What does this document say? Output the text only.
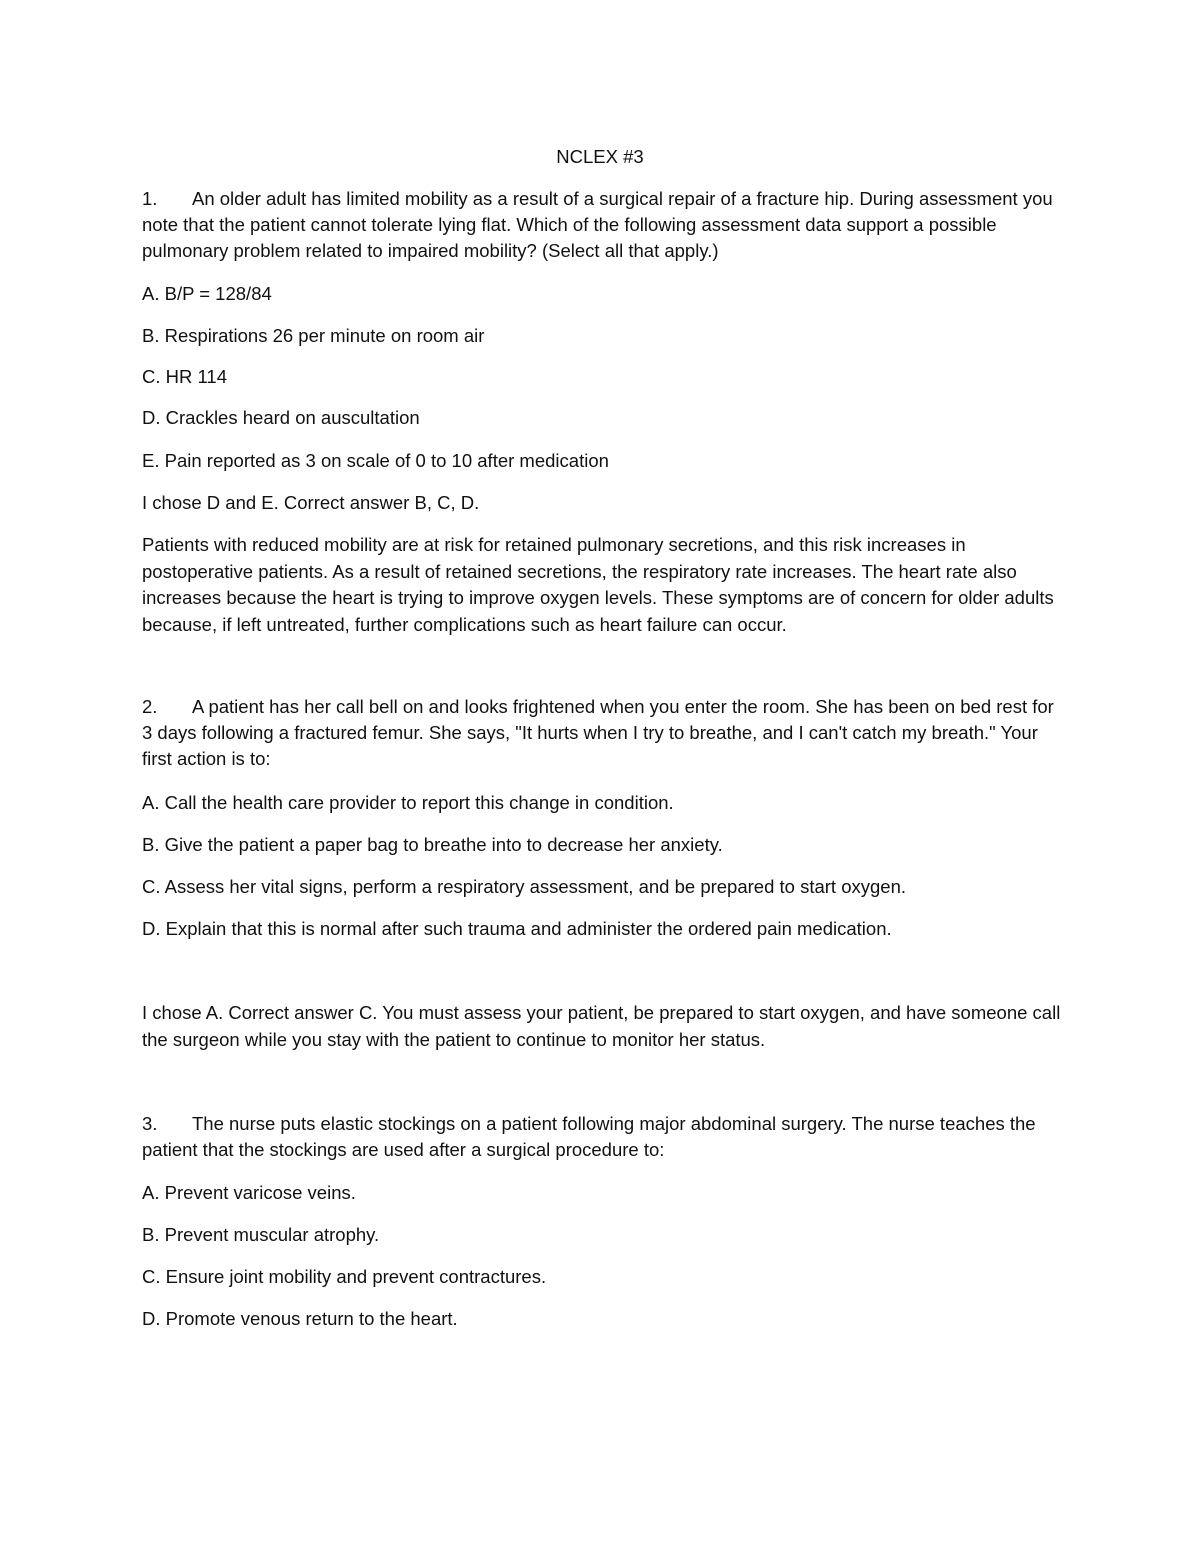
NCLEX #3
1. An older adult has limited mobility as a result of a surgical repair of a fracture hip. During assessment you note that the patient cannot tolerate lying flat. Which of the following assessment data support a possible pulmonary problem related to impaired mobility? (Select all that apply.)
A. B/P = 128/84
B. Respirations 26 per minute on room air
C. HR 114
D. Crackles heard on auscultation
E. Pain reported as 3 on scale of 0 to 10 after medication
I chose D and E. Correct answer B, C, D.
Patients with reduced mobility are at risk for retained pulmonary secretions, and this risk increases in postoperative patients. As a result of retained secretions, the respiratory rate increases. The heart rate also increases because the heart is trying to improve oxygen levels. These symptoms are of concern for older adults because, if left untreated, further complications such as heart failure can occur.
2. A patient has her call bell on and looks frightened when you enter the room. She has been on bed rest for 3 days following a fractured femur. She says, "It hurts when I try to breathe, and I can't catch my breath." Your first action is to:
A. Call the health care provider to report this change in condition.
B. Give the patient a paper bag to breathe into to decrease her anxiety.
C. Assess her vital signs, perform a respiratory assessment, and be prepared to start oxygen.
D. Explain that this is normal after such trauma and administer the ordered pain medication.
I chose A. Correct answer C. You must assess your patient, be prepared to start oxygen, and have someone call the surgeon while you stay with the patient to continue to monitor her status.
3. The nurse puts elastic stockings on a patient following major abdominal surgery. The nurse teaches the patient that the stockings are used after a surgical procedure to:
A. Prevent varicose veins.
B. Prevent muscular atrophy.
C. Ensure joint mobility and prevent contractures.
D. Promote venous return to the heart.
